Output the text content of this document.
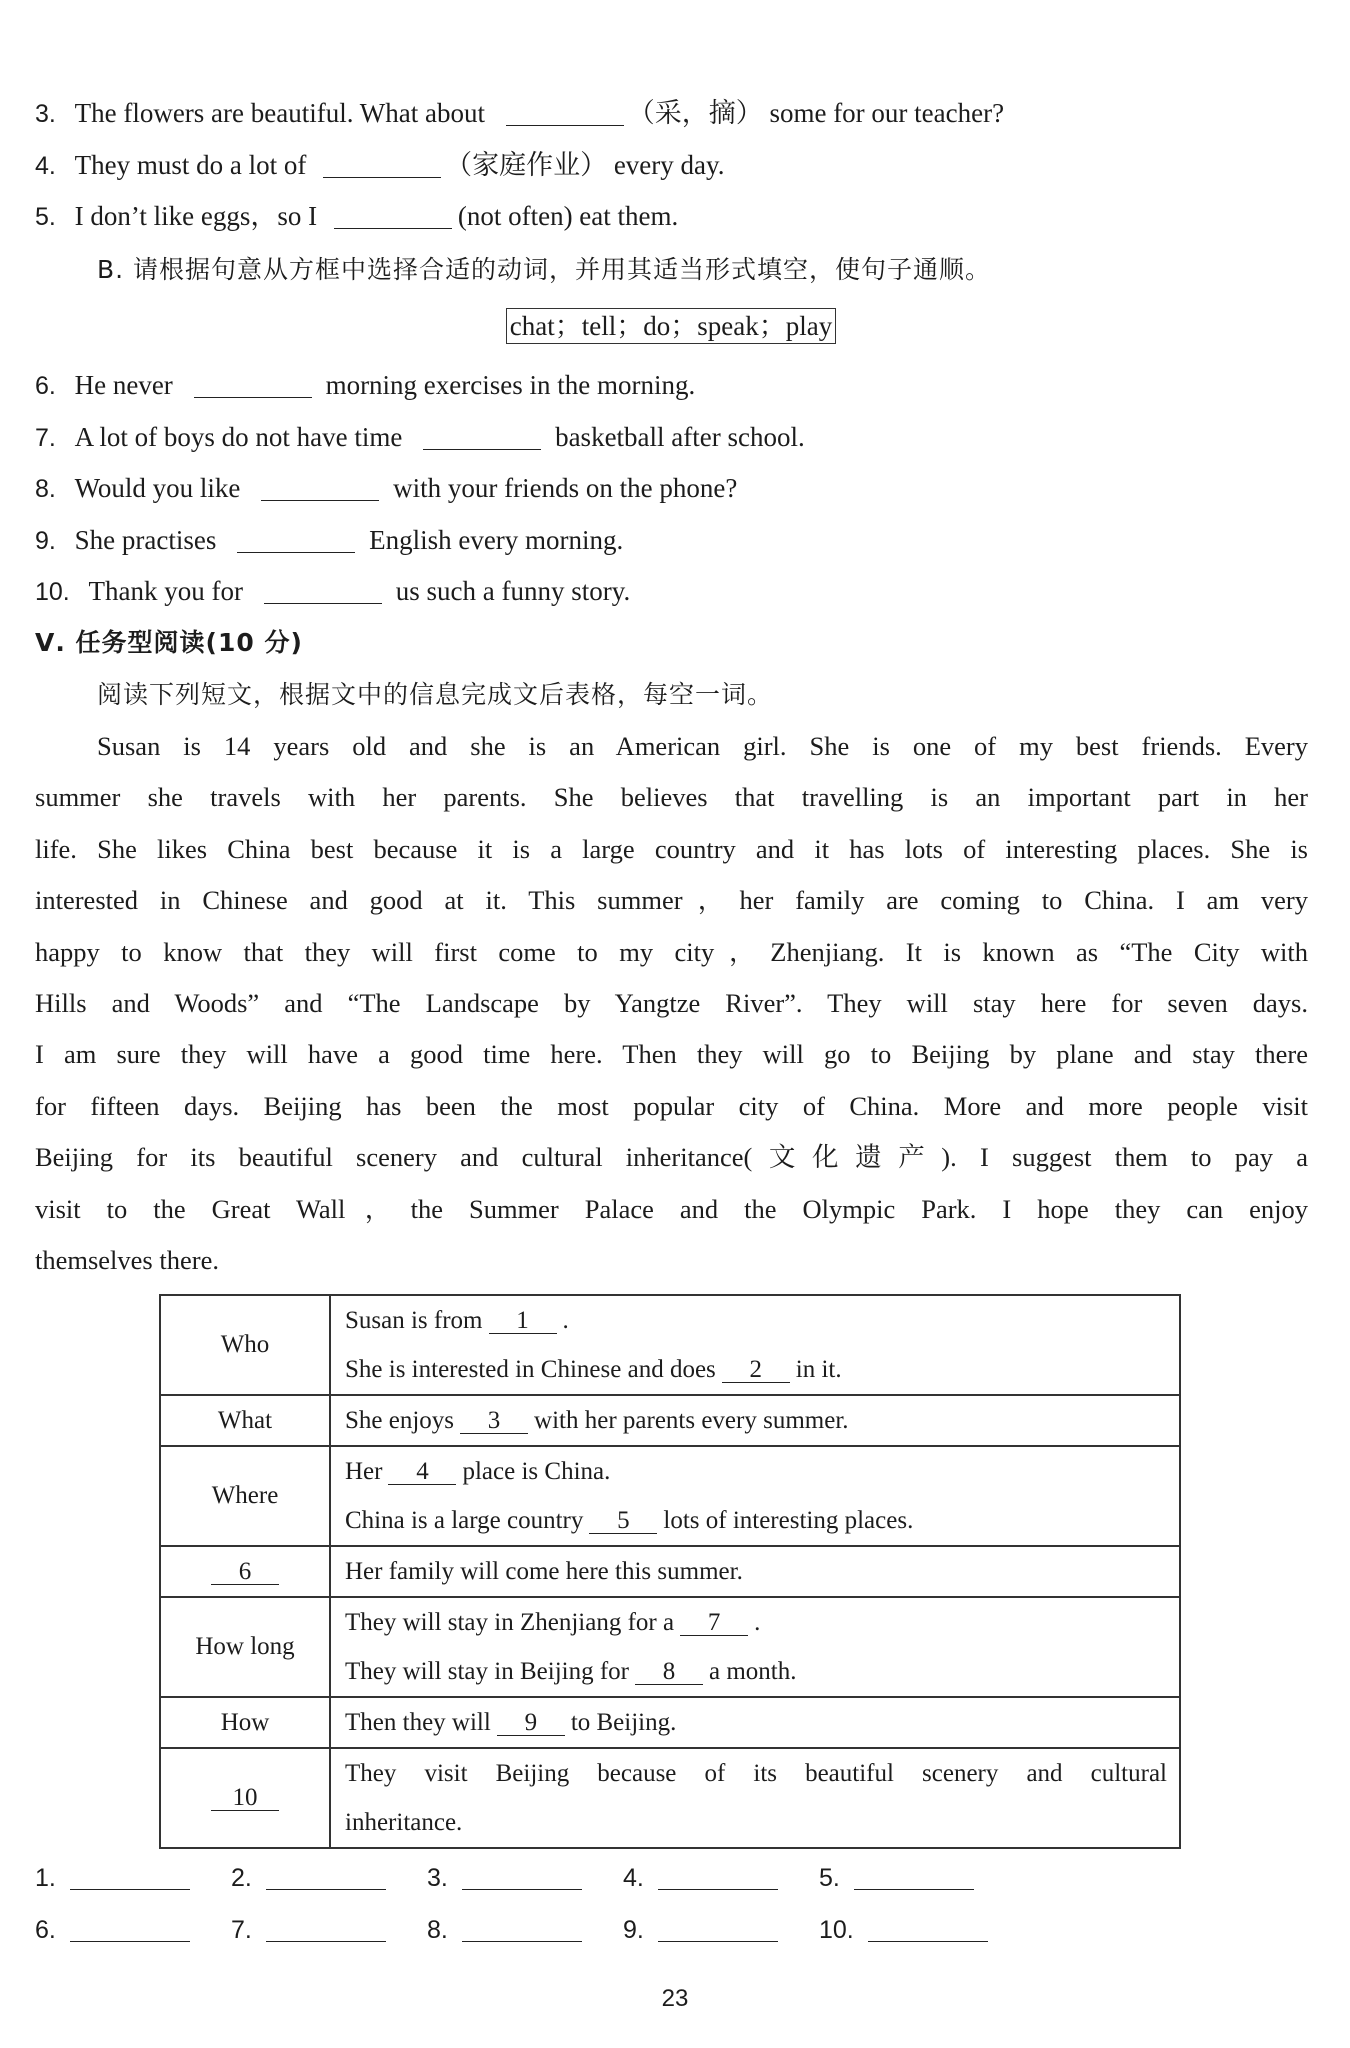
3. The flowers are beautiful. What about	（采，摘） some for our teacher?
4. They must do a lot of	（家庭作业） every day.
5. I don’t like eggs，so I	(not often) eat them.
B. 请根据句意从方框中选择合适的动词，并用其适当形式填空，使句子通顺。
chat；tell；do；speak；play
6. He never	morning exercises in the morning.
7. A lot of boys do not have time	basketball after school.
8. Would you like	with your friends on the phone?
9. She practises	English every morning.
10. Thank you for	us such a funny story.
Ⅴ. 任务型阅读(10 分)
阅读下列短文，根据文中的信息完成文后表格，每空一词。
Susan is 14 years old and she is an American girl. She is one of my best friends. Every
summer she travels with her parents. She believes that travelling is an important part in her
life. She likes China best because it is a large country and it has lots of interesting places. She is
interested in Chinese and good at it. This summer，her family are coming to China. I am very
happy to know that they will first come to my city，Zhenjiang. It is known as “The City with
Hills and Woods” and “The Landscape by Yangtze River”. They will stay here for seven days.
I am sure they will have a good time here. Then they will go to Beijing by plane and stay there
for fifteen days. Beijing has been the most popular city of China. More and more people visit
Beijing for its beautiful scenery and cultural inheritance(文化遗产). I suggest them to pay a
visit to the Great Wall，the Summer Palace and the Olympic Park. I hope they can enjoy
themselves there.
Who	Susan is from 1 .
She is interested in Chinese and does 2 in it.

What	She enjoys 3 with her parents every summer.

Where	Her 4 place is China.
China is a large country 5 lots of interesting places.

6	Her family will come here this summer.

How long	They will stay in Zhenjiang for a 7 .
They will stay in Beijing for 8 a month.

How	Then they will 9 to Beijing.

10	They visit Beijing because of its beautiful scenery and cultural
inheritance.
1.	2.	3.	4.	5.
6.	7.	8.	9.	10.
23
